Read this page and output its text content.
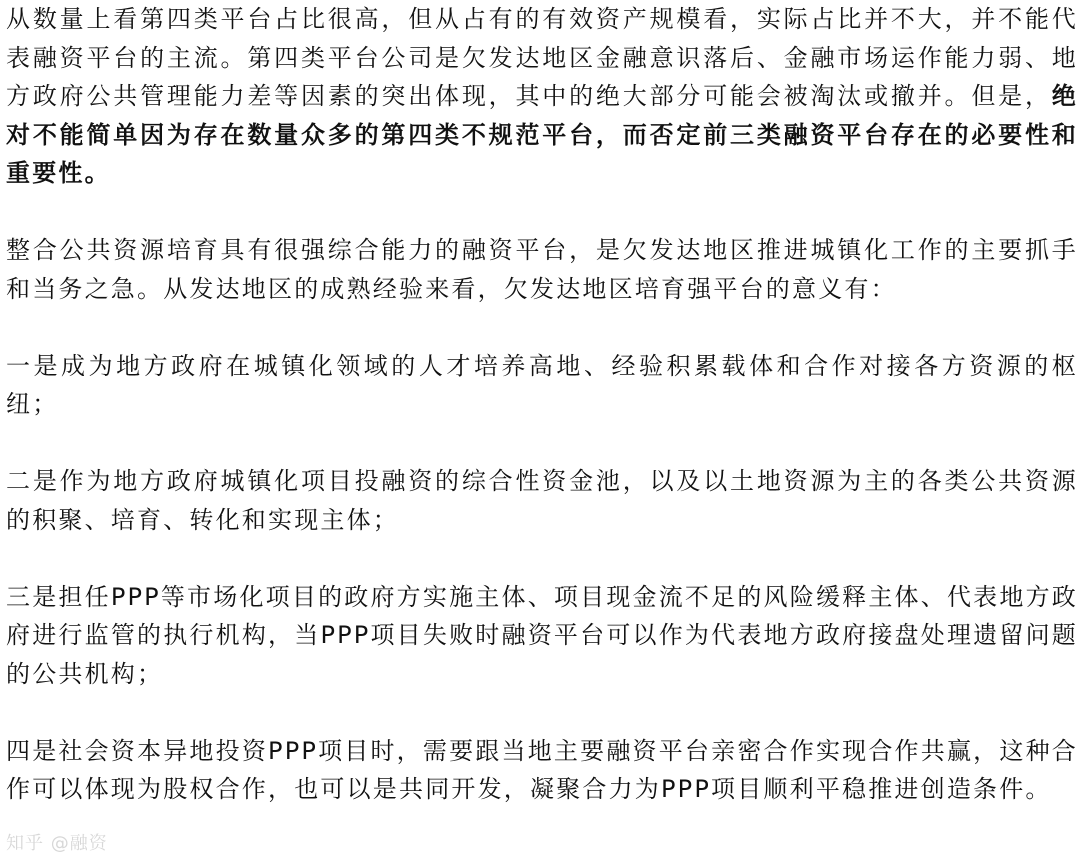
从数量上看第四类平台占比很高，但从占有的有效资产规模看，实际占比并不大，并不能代表融资平台的主流。第四类平台公司是欠发达地区金融意识落后、金融市场运作能力弱、地方政府公共管理能力差等因素的突出体现，其中的绝大部分可能会被淘汰或撤并。但是，绝对不能简单因为存在数量众多的第四类不规范平台，而否定前三类融资平台存在的必要性和重要性。

整合公共资源培育具有很强综合能力的融资平台，是欠发达地区推进城镇化工作的主要抓手和当务之急。从发达地区的成熟经验来看，欠发达地区培育强平台的意义有：

一是成为地方政府在城镇化领域的人才培养高地、经验积累载体和合作对接各方资源的枢纽；

二是作为地方政府城镇化项目投融资的综合性资金池，以及以土地资源为主的各类公共资源的积聚、培育、转化和实现主体；

三是担任PPP等市场化项目的政府方实施主体、项目现金流不足的风险缓释主体、代表地方政府进行监管的执行机构，当PPP项目失败时融资平台可以作为代表地方政府接盘处理遗留问题的公共机构；

四是社会资本异地投资PPP项目时，需要跟当地主要融资平台亲密合作实现合作共赢，这种合作可以体现为股权合作，也可以是共同开发，凝聚合力为PPP项目顺利平稳推进创造条件。

知乎 @融资
